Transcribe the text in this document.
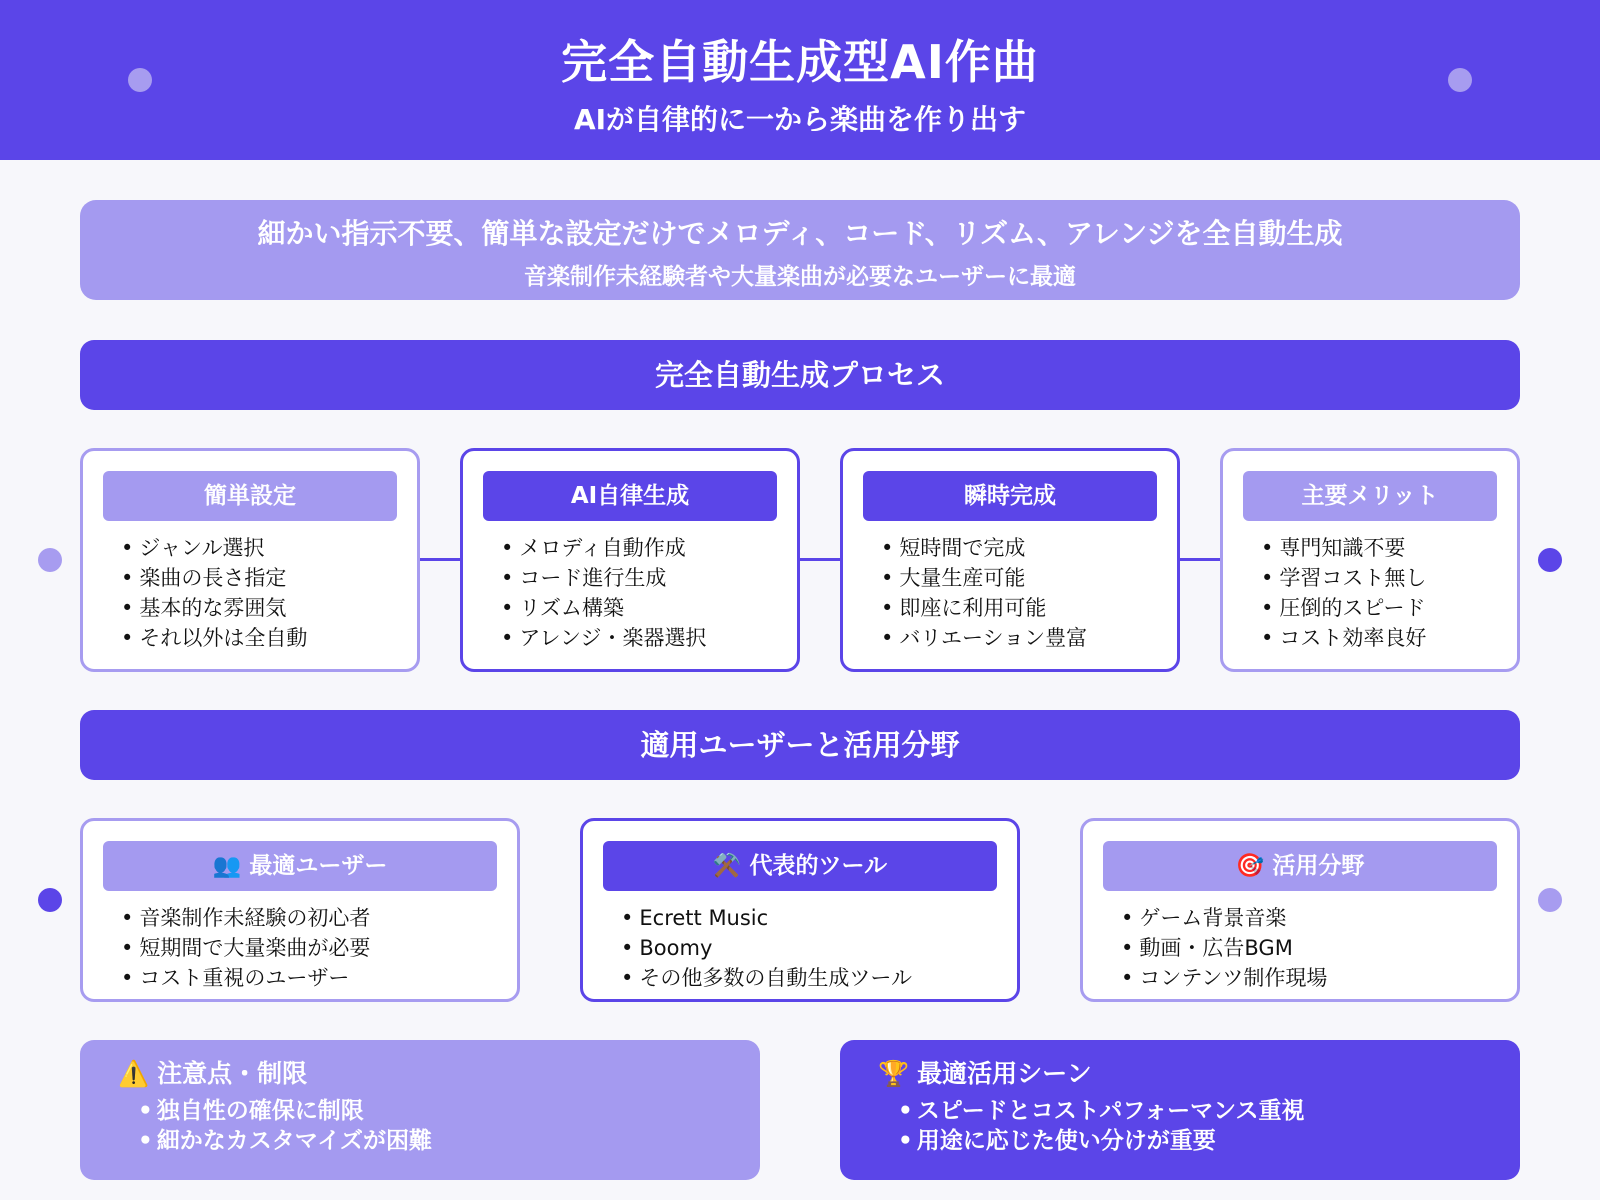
完全自動生成型AI作曲
AIが自律的に一から楽曲を作り出す
細かい指示不要、簡単な設定だけでメロディ、コード、リズム、アレンジを全自動生成
音楽制作未経験者や大量楽曲が必要なユーザーに最適
完全自動生成プロセス
簡単設定
• ジャンル選択
• 楽曲の長さ指定
• 基本的な雰囲気
• それ以外は全自動
AI自律生成
• メロディ自動作成
• コード進行生成
• リズム構築
• アレンジ・楽器選択
瞬時完成
• 短時間で完成
• 大量生産可能
• 即座に利用可能
• バリエーション豊富
主要メリット
• 専門知識不要
• 学習コスト無し
• 圧倒的スピード
• コスト効率良好
適用ユーザーと活用分野
👥 最適ユーザー
• 音楽制作未経験の初心者
• 短期間で大量楽曲が必要
• コスト重視のユーザー
⚒️ 代表的ツール
• Ecrett Music
• Boomy
• その他多数の自動生成ツール
🎯 活用分野
• ゲーム背景音楽
• 動画・広告BGM
• コンテンツ制作現場
⚠️ 注意点・制限
• 独自性の確保に制限
• 細かなカスタマイズが困難
🏆 最適活用シーン
• スピードとコストパフォーマンス重視
• 用途に応じた使い分けが重要
